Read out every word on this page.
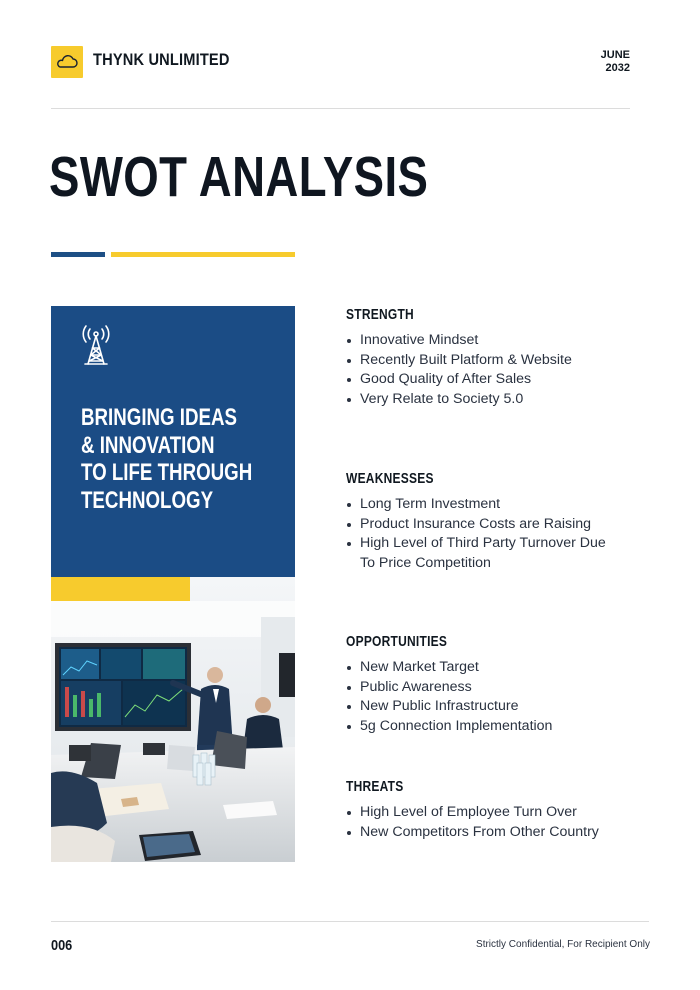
THYNK UNLIMITED	JUNE
2032
SWOT ANALYSIS
BRINGING IDEAS
& INNOVATION
TO LIFE THROUGH
TECHNOLOGY
STRENGTH
Innovative Mindset
Recently Built Platform & Website
Good Quality of After Sales
Very Relate to Society 5.0
WEAKNESSES
Long Term Investment
Product Insurance Costs are Raising
High Level of Third Party Turnover Due To Price Competition
OPPORTUNITIES
New Market Target
Public Awareness
New Public Infrastructure
5g Connection Implementation
THREATS
High Level of Employee Turn Over
New Competitors From Other Country
006	Strictly Confidential, For Recipient Only
